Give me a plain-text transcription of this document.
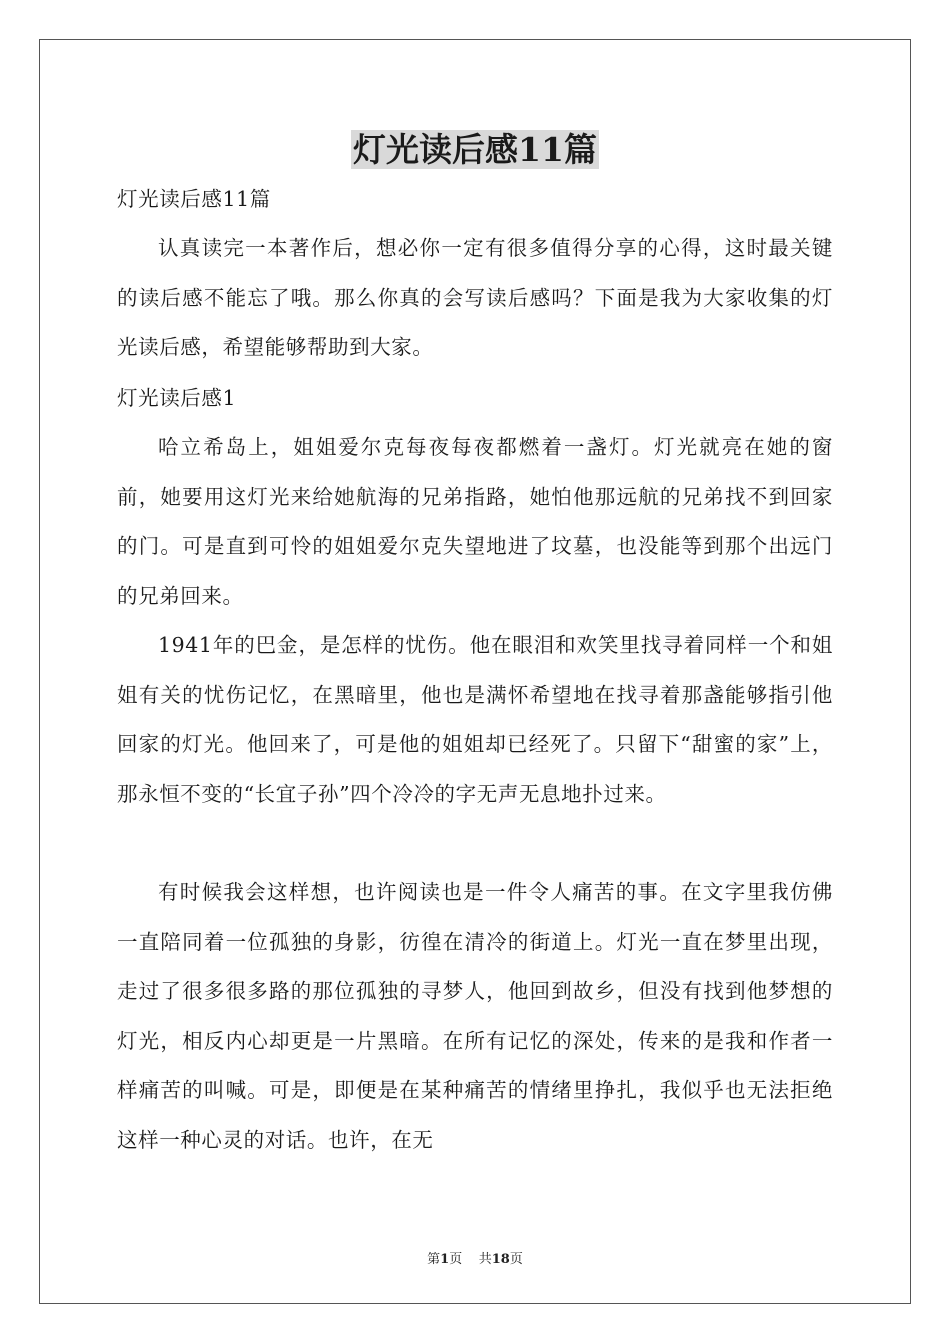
灯光读后感11篇
灯光读后感11篇

认真读完一本著作后，想必你一定有很多值得分享的心得，这时最关键的读后感不能忘了哦。那么你真的会写读后感吗？下面是我为大家收集的灯光读后感，希望能够帮助到大家。

灯光读后感1

哈立希岛上，姐姐爱尔克每夜每夜都燃着一盏灯。灯光就亮在她的窗前，她要用这灯光来给她航海的兄弟指路，她怕他那远航的兄弟找不到回家的门。可是直到可怜的姐姐爱尔克失望地进了坟墓，也没能等到那个出远门的兄弟回来。

1941年的巴金，是怎样的忧伤。他在眼泪和欢笑里找寻着同样一个和姐姐有关的忧伤记忆，在黑暗里，他也是满怀希望地在找寻着那盏能够指引他回家的灯光。他回来了，可是他的姐姐却已经死了。只留下“甜蜜的家”上，那永恒不变的“长宜子孙”四个冷冷的字无声无息地扑过来。

有时候我会这样想，也许阅读也是一件令人痛苦的事。在文字里我仿佛一直陪同着一位孤独的身影，彷徨在清冷的街道上。灯光一直在梦里出现，走过了很多很多路的那位孤独的寻梦人，他回到故乡，但没有找到他梦想的灯光，相反内心却更是一片黑暗。在所有记忆的深处，传来的是我和作者一样痛苦的叫喊。可是，即便是在某种痛苦的情绪里挣扎，我似乎也无法拒绝这样一种心灵的对话。也许，在无

第1页 共18页
